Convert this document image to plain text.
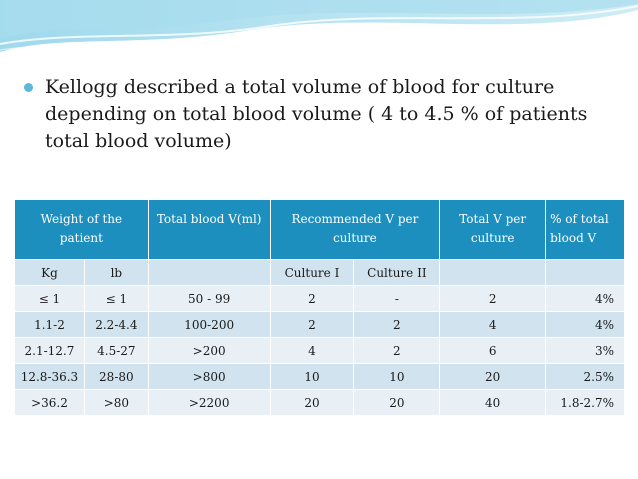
Kellogg described a total volume of blood for culture depending on total blood volume ( 4 to 4.5 % of patients total blood volume)
Weight of the patient		Total blood V(ml)	Recommended V per culture		Total V per culture	% of total blood V
Kg	lb		Culture I	Culture II		
≤ 1	≤ 1	50 - 99	2	-	2	4%
1.1-2	2.2-4.4	100-200	2	2	4	4%
2.1-12.7	4.5-27	>200	4	2	6	3%
12.8-36.3	28-80	>800	10	10	20	2.5%
>36.2	>80	>2200	20	20	40	1.8-2.7%
